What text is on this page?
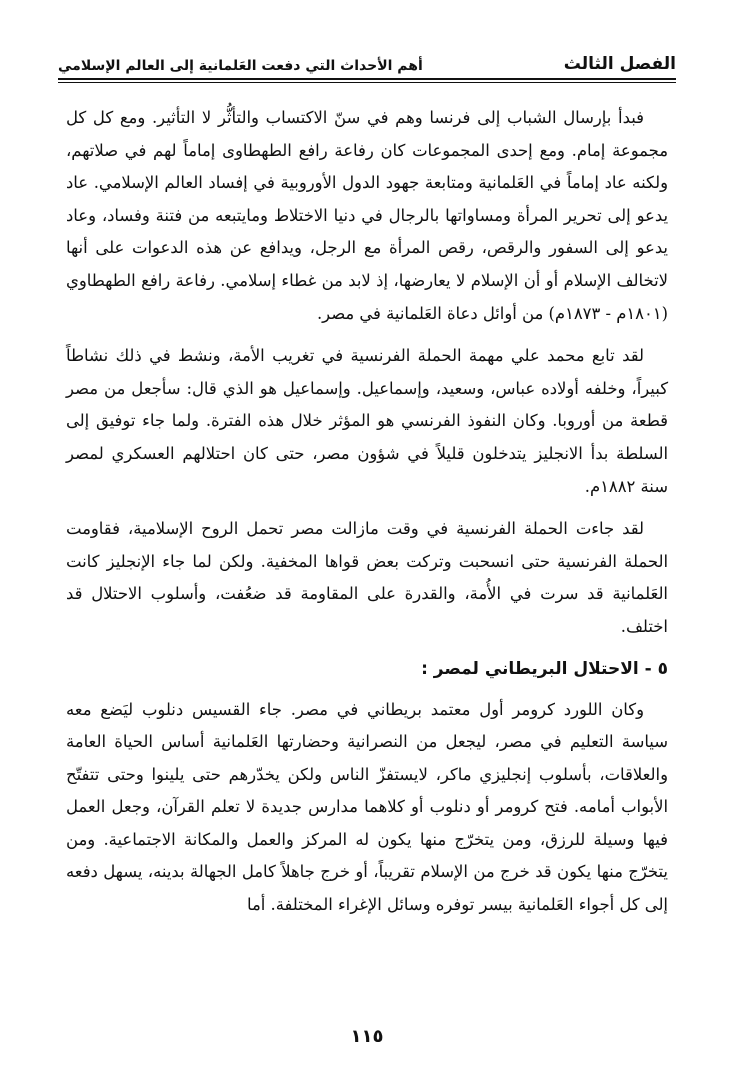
الفصل الثالث
أهم الأحداث التي دفعت العَلمانية إلى العالم الإسلامي

فبدأ بإرسال الشباب إلى فرنسا وهم في سنّ الاكتساب والتأثُّر لا التأثير. ومع كل كل مجموعة إمام. ومع إحدى المجموعات كان رفاعة رافع الطهطاوى إماماً لهم في صلاتهم، ولكنه عاد إماماً في العَلمانية ومتابعة جهود الدول الأوروبية في إفساد العالم الإسلامي. عاد يدعو إلى تحرير المرأة ومساواتها بالرجال في دنيا الاختلاط ومايتبعه من فتنة وفساد، وعاد يدعو إلى السفور والرقص، رقص المرأة مع الرجل، ويدافع عن هذه الدعوات على أنها لاتخالف الإسلام أو أن الإسلام لا يعارضها، إذ لابد من غطاء إسلامي. رفاعة رافع الطهطاوي (١٨٠١م - ١٨٧٣م) من أوائل دعاة العَلمانية في مصر.

لقد تابع محمد علي مهمة الحملة الفرنسية في تغريب الأمة، ونشط في ذلك نشاطاً كبيراً، وخلفه أولاده عباس، وسعيد، وإسماعيل. وإسماعيل هو الذي قال: سأجعل من مصر قطعة من أوروبا. وكان النفوذ الفرنسي هو المؤثر خلال هذه الفترة. ولما جاء توفيق إلى السلطة بدأ الانجليز يتدخلون قليلاً في شؤون مصر، حتى كان احتلالهم العسكري لمصر سنة ١٨٨٢م.

لقد جاءت الحملة الفرنسية في وقت مازالت مصر تحمل الروح الإسلامية، فقاومت الحملة الفرنسية حتى انسحبت وتركت بعض قواها المخفية. ولكن لما جاء الإنجليز كانت العَلمانية قد سرت في الأُمة، والقدرة على المقاومة قد ضعُفت، وأسلوب الاحتلال قد اختلف.

٥ - الاحتلال البريطاني لمصر :

وكان اللورد كرومر أول معتمد بريطاني في مصر. جاء القسيس دنلوب ليَضع معه سياسة التعليم في مصر، ليجعل من النصرانية وحضارتها العَلمانية أساس الحياة العامة والعلاقات، بأسلوب إنجليزي ماكر، لايستفزّ الناس ولكن يخدّرهم حتى يلينوا وحتى تتفتّح الأبواب أمامه. فتح كرومر أو دنلوب أو كلاهما مدارس جديدة لا تعلم القرآن، وجعل العمل فيها وسيلة للرزق، ومن يتخرّج منها يكون له المركز والعمل والمكانة الاجتماعية. ومن يتخرّج منها يكون قد خرج من الإسلام تقريباً، أو خرج جاهلاً كامل الجهالة بدينه، يسهل دفعه إلى كل أجواء العَلمانية بيسر توفره وسائل الإغراء المختلفة. أما

١١٥
